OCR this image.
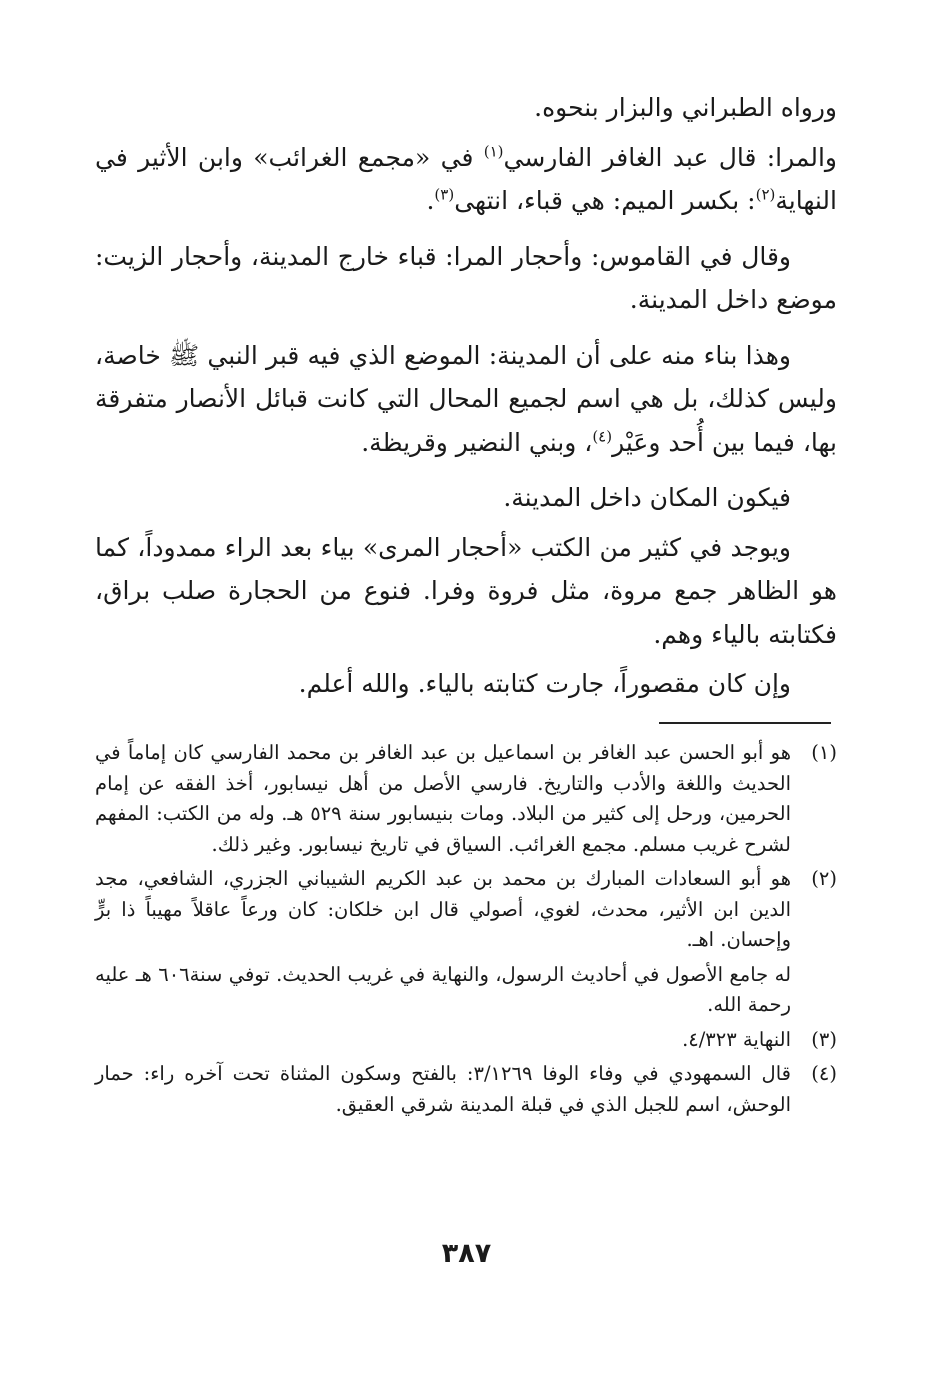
ورواه الطبراني والبزار بنحوه.

والمرا: قال عبد الغافر الفارسي$^{(١)}$ في «مجمع الغرائب» وابن الأثير في النهاية$^{(٢)}$: بكسر الميم: هي قباء، انتهى$^{(٣)}$.

وقال في القاموس: وأحجار المرا: قباء خارج المدينة، وأحجار الزيت: موضع داخل المدينة.

وهذا بناء منه على أن المدينة: الموضع الذي فيه قبر النبي ﷺ خاصة، وليس كذلك، بل هي اسم لجميع المحال التي كانت قبائل الأنصار متفرقة بها، فيما بين أُحد وعَيْر$^{(٤)}$، وبني النضير وقريظة.

فيكون المكان داخل المدينة.

ويوجد في كثير من الكتب «أحجار المرى» بياء بعد الراء ممدوداً، كما هو الظاهر جمع مروة، مثل فروة وفرا. فنوع من الحجارة صلب براق، فكتابته بالياء وهم.

وإن كان مقصوراً، جارت كتابته بالياء. والله أعلم.

(١)هو أبو الحسن عبد الغافر بن اسماعيل بن عبد الغافر بن محمد الفارسي كان إماماً في الحديث واللغة والأدب والتاريخ. فارسي الأصل من أهل نيسابور، أخذ الفقه عن إمام الحرمين، ورحل إلى كثير من البلاد. ومات بنيسابور سنة ٥٢٩ هـ. وله من الكتب: المفهم لشرح غريب مسلم. مجمع الغرائب. السياق في تاريخ نيسابور. وغير ذلك.

(٢)هو أبو السعادات المبارك بن محمد بن عبد الكريم الشيباني الجزري، الشافعي، مجد الدين ابن الأثير، محدث، لغوي، أصولي قال ابن خلكان: كان ورعاً عاقلاً مهيباً ذا برٍّ وإحسان. اهـ.

له جامع الأصول في أحاديث الرسول، والنهاية في غريب الحديث. توفي سنة٦٠٦ هـ عليه رحمة الله.

(٣)النهاية ٤/٣٢٣.

(٤)قال السمهودي في وفاء الوفا ٣/١٢٦٩: بالفتح وسكون المثناة تحت آخره راء: حمار الوحش، اسم للجبل الذي في قبلة المدينة شرقي العقيق.

٣٨٧
